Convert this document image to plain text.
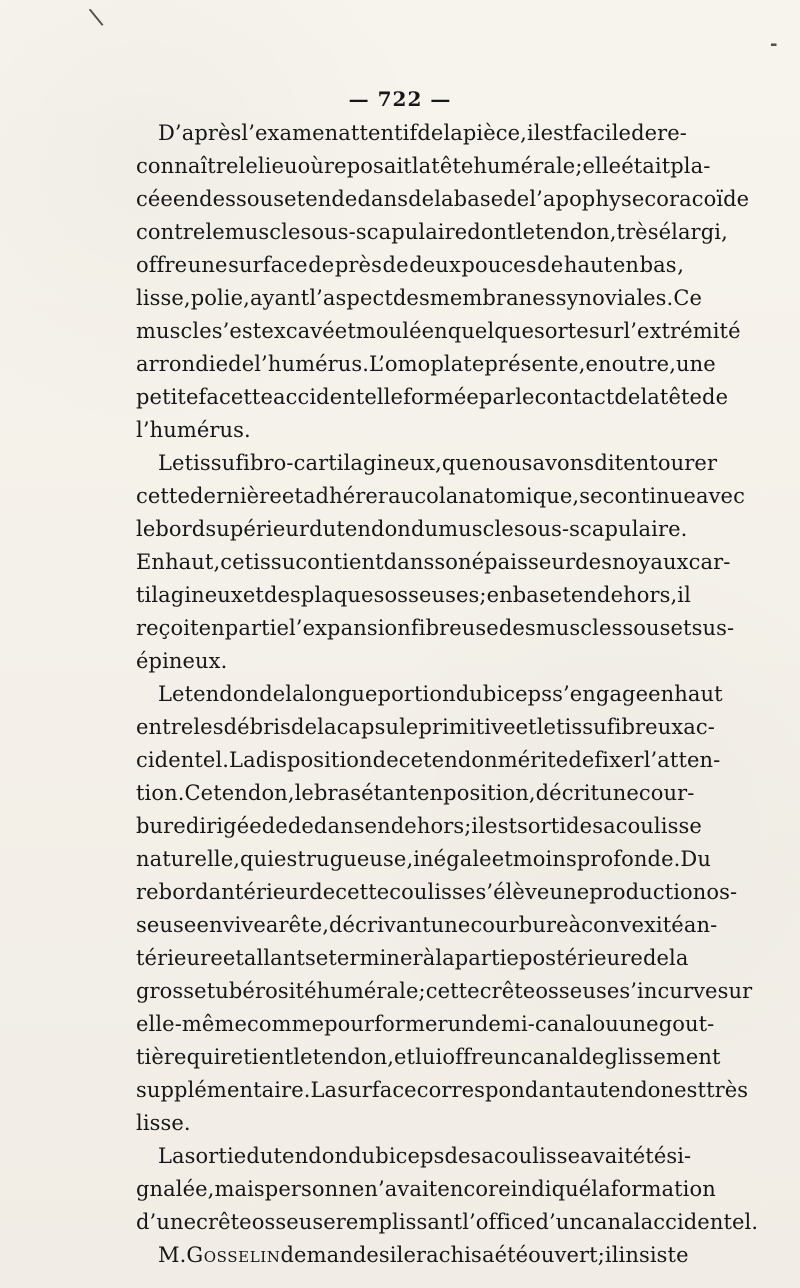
\
-
— 722 —
D’après l’examen attentif de la pièce , il est facile de re-
connaître le lieu où reposait la tête humérale ; elle était pla-
cée en dessous et en dedans de la base de l’apophyse coracoïde
contre le muscle sous-scapulaire dont le tendon , très élargi ,
offre une surface de près de deux pouces de haut en bas ,
lisse , polie , ayant l’aspect des membranes synoviales. Ce
muscle s’est excavé et moulé en quelque sorte sur l’extrémité
arrondie de l’humérus. L’omoplate présente, en outre , une
petite facette accidentelle formée par le contact de la tête de
l’humérus.
Le tissu fibro-cartilagineux, que nous avons dit entourer
cette dernière et adhérer au col anatomique, se continue avec
le bord supérieur du tendon du muscle sous - scapulaire.
En haut, ce tissu contient dans son épaisseur des noyaux car-
tilagineux et des plaques osseuses ; en bas et en dehors , il
reçoit en partie l’expansion fibreuse des muscles sous et sus-
épineux.
Le tendon de la longue portion du biceps s’engage en haut
entre les débris de la capsule primitive et le tissu fibreux ac-
cidentel. La disposition de ce tendon mérite de fixer l’atten-
tion. Ce tendon , le bras étant en position , décrit une cour-
bure dirigée de dedans en dehors ; il est sorti de sa coulisse
naturelle, qui est rugueuse , inégale et moins profonde. Du
rebord antérieur de cette coulisse s’élève une production os-
seuse en vive arête, décrivant une courbure à convexité an-
térieure et allant se terminer à la partie postérieure de la
grosse tubérosité humérale ; cette crête osseuse s’incurve sur
elle-même comme pour former un demi-canal ou une gout-
tière qui retient le tendon, et lui offre un canal de glissement
supplémentaire. La surface correspondant au tendon est très
lisse.
La sortie du tendon du biceps de sa coulisse avait été si-
gnalée , mais personne n’avait encore indiqué la formation
d’une crête osseuse remplissant l’office d’un canal accidentel.
M. Gosselin demande si le rachis a été ouvert ; il insiste
